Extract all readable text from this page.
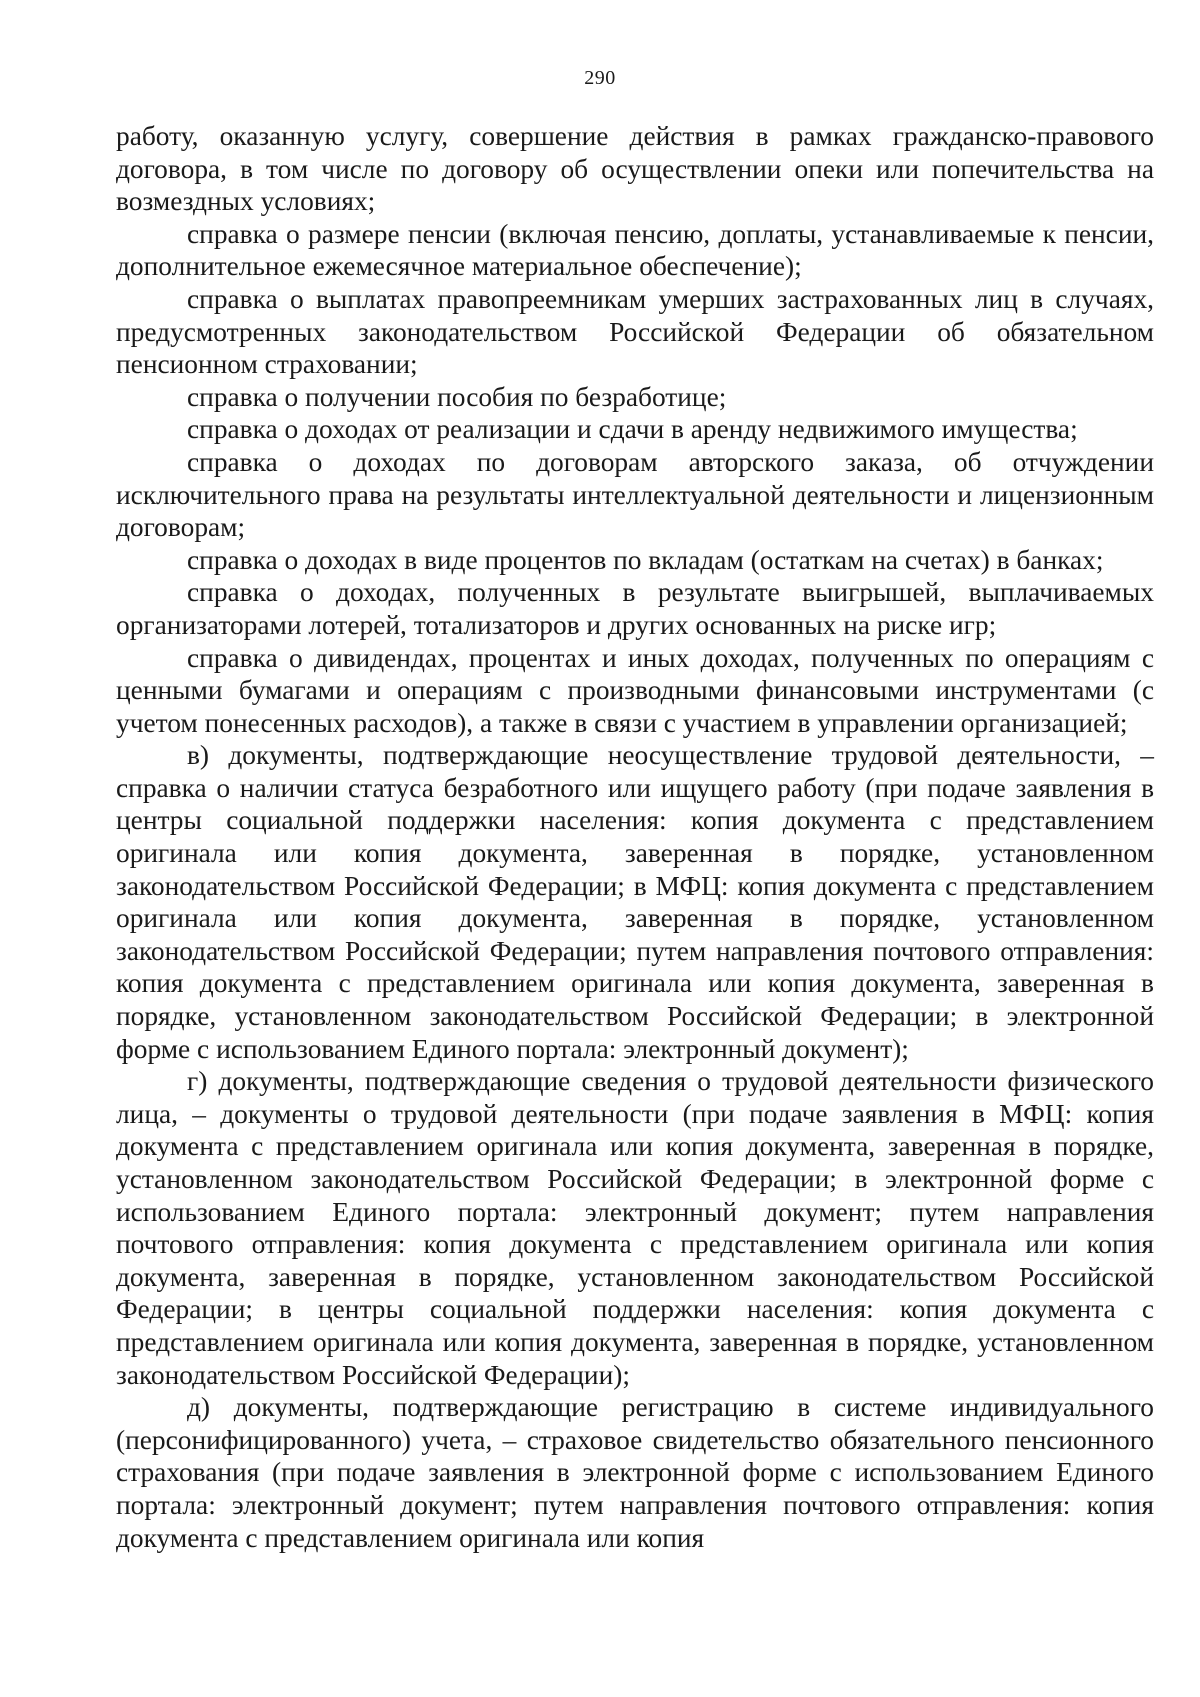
290

работу, оказанную услугу, совершение действия в рамках гражданско-правового договора, в том числе по договору об осуществлении опеки или попечительства на возмездных условиях;

справка о размере пенсии (включая пенсию, доплаты, устанавливаемые к пенсии, дополнительное ежемесячное материальное обеспечение);

справка о выплатах правопреемникам умерших застрахованных лиц в случаях, предусмотренных законодательством Российской Федерации об обязательном пенсионном страховании;

справка о получении пособия по безработице;

справка о доходах от реализации и сдачи в аренду недвижимого имущества;

справка о доходах по договорам авторского заказа, об отчуждении исключительного права на результаты интеллектуальной деятельности и лицензионным договорам;

справка о доходах в виде процентов по вкладам (остаткам на счетах) в банках;

справка о доходах, полученных в результате выигрышей, выплачиваемых организаторами лотерей, тотализаторов и других основанных на риске игр;

справка о дивидендах, процентах и иных доходах, полученных по операциям с ценными бумагами и операциям с производными финансовыми инструментами (с учетом понесенных расходов), а также в связи с участием в управлении организацией;

в) документы, подтверждающие неосуществление трудовой деятельности, – справка о наличии статуса безработного или ищущего работу (при подаче заявления в центры социальной поддержки населения: копия документа с представлением оригинала или копия документа, заверенная в порядке, установленном законодательством Российской Федерации; в МФЦ: копия документа с представлением оригинала или копия документа, заверенная в порядке, установленном законодательством Российской Федерации; путем направления почтового отправления: копия документа с представлением оригинала или копия документа, заверенная в порядке, установленном законодательством Российской Федерации; в электронной форме с использованием Единого портала: электронный документ);

г) документы, подтверждающие сведения о трудовой деятельности физического лица, – документы о трудовой деятельности (при подаче заявления в МФЦ: копия документа с представлением оригинала или копия документа, заверенная в порядке, установленном законодательством Российской Федерации; в электронной форме с использованием Единого портала: электронный документ; путем направления почтового отправления: копия документа с представлением оригинала или копия документа, заверенная в порядке, установленном законодательством Российской Федерации; в центры социальной поддержки населения: копия документа с представлением оригинала или копия документа, заверенная в порядке, установленном законодательством Российской Федерации);

д) документы, подтверждающие регистрацию в системе индивидуального (персонифицированного) учета, – страховое свидетельство обязательного пенсионного страхования (при подаче заявления в электронной форме с использованием Единого портала: электронный документ; путем направления почтового отправления: копия документа с представлением оригинала или копия
